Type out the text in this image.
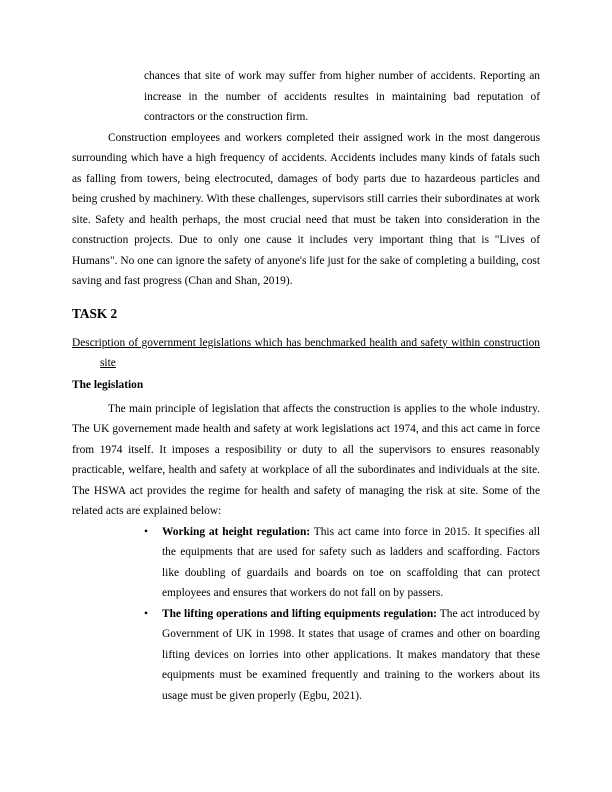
chances that site of work may suffer from higher number of accidents. Reporting an increase in the number of accidents resultes in maintaining bad reputation of contractors or the construction firm.

Construction employees and workers completed their assigned work in the most dangerous surrounding which have a high frequency of accidents. Accidents includes many kinds of fatals such as falling from towers, being electrocuted, damages of body parts due to hazardeous particles and being crushed by machinery. With these challenges, supervisors still carries their subordinates at work site. Safety and health perhaps, the most crucial need that must be taken into consideration in the construction projects. Due to only one cause it includes very important thing that is "Lives of Humans". No one can ignore the safety of anyone's life just for the sake of completing a building, cost saving and fast progress (Chan and Shan, 2019).

TASK 2

Description of government legislations which has benchmarked health and safety within construction site

The legislation

The main principle of legislation that affects the construction is applies to the whole industry. The UK governement made health and safety at work legislations act 1974, and this act came in force from 1974 itself. It imposes a resposibility or duty to all the supervisors to ensures reasonably practicable, welfare, health and safety at workplace of all the subordinates and individuals at the site. The HSWA act provides the regime for health and safety of managing the risk at site. Some of the related acts are explained below:

•	Working at height regulation: This act came into force in 2015. It specifies all the equipments that are used for safety such as ladders and scaffording. Factors like doubling of guardails and boards on toe on scaffolding that can protect employees and ensures that workers do not fall on by passers.
•	The lifting operations and lifting equipments regulation: The act introduced by Government of UK in 1998. It states that usage of crames and other on boarding lifting devices on lorries into other applications. It makes mandatory that these equipments must be examined frequently and training to the workers about its usage must be given properly (Egbu, 2021).
